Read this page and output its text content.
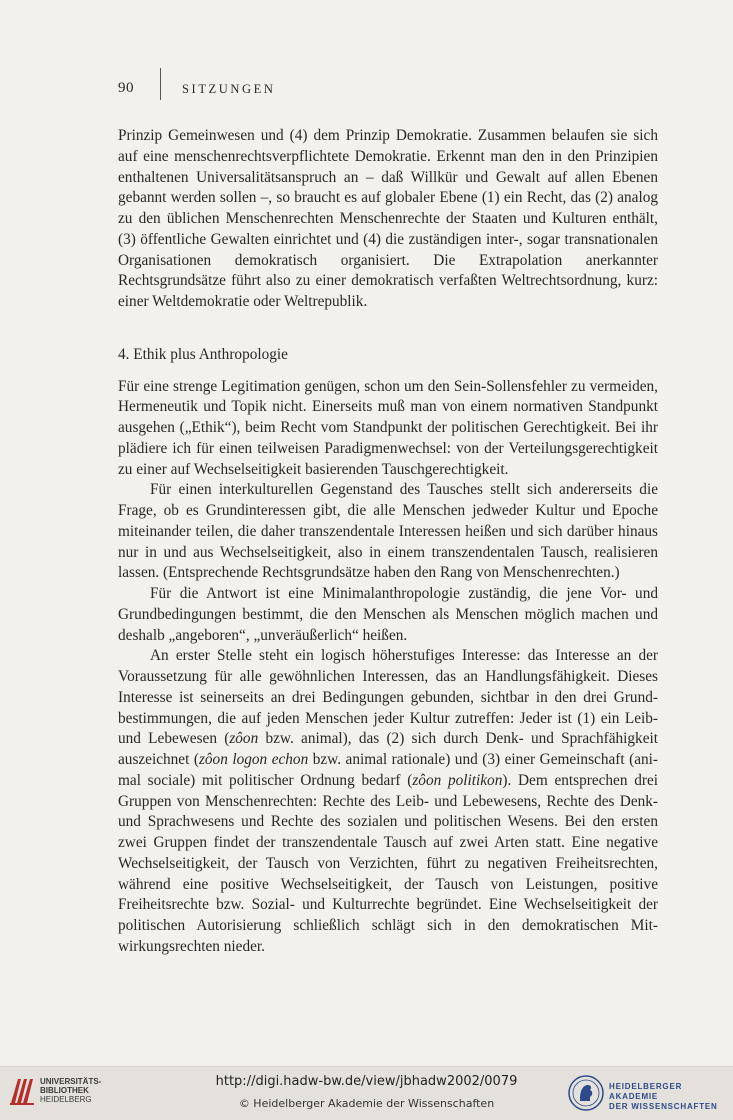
90	SITZUNGEN

Prinzip Gemeinwesen und (4) dem Prinzip Demokratie. Zusammen belaufen sie sich auf eine menschenrechtsverpflichtete Demokratie. Erkennt man den in den Prinzipien enthaltenen Universalitätsanspruch an – daß Willkür und Gewalt auf allen Ebenen gebannt werden sollen –, so braucht es auf globaler Ebene (1) ein Recht, das (2) analog zu den üblichen Menschenrechten Menschenrechte der Staaten und Kulturen enthält, (3) öffentliche Gewalten einrichtet und (4) die zuständigen inter-, sogar transnationalen Organisationen demokratisch organisiert. Die Extrapolation anerkannter Rechtsgrundsätze führt also zu einer demokratisch verfaßten Weltrechtsordnung, kurz: einer Weltdemokratie oder Weltrepublik.

4. Ethik plus Anthropologie

Für eine strenge Legitimation genügen, schon um den Sein-Sollensfehler zu vermeiden, Hermeneutik und Topik nicht. Einerseits muß man von einem normativen Standpunkt ausgehen („Ethik“), beim Recht vom Standpunkt der politischen Gerechtigkeit. Bei ihr plädiere ich für einen teilweisen Paradigmenwechsel: von der Verteilungsgerechtigkeit zu einer auf Wechselseitigkeit basierenden Tauschgerechtigkeit.

Für einen interkulturellen Gegenstand des Tausches stellt sich andererseits die Frage, ob es Grundinteressen gibt, die alle Menschen jedweder Kultur und Epoche miteinander teilen, die daher transzendentale Interessen heißen und sich darüber hinaus nur in und aus Wechselseitigkeit, also in einem transzendentalen Tausch, realisieren lassen. (Entsprechende Rechtsgrundsätze haben den Rang von Menschenrechten.)

Für die Antwort ist eine Minimalanthropologie zuständig, die jene Vor- und Grundbedingungen bestimmt, die den Menschen als Menschen möglich machen und deshalb „angeboren“, „unveräußerlich“ heißen.

An erster Stelle steht ein logisch höherstufiges Interesse: das Interesse an der Voraussetzung für alle gewöhnlichen Interessen, das an Handlungsfähigkeit. Dieses Interesse ist seinerseits an drei Bedingungen gebunden, sichtbar in den drei Grundbestimmungen, die auf jeden Menschen jeder Kultur zutreffen: Jeder ist (1) ein Leib- und Lebewesen (zôon bzw. animal), das (2) sich durch Denk- und Sprachfähigkeit auszeichnet (zôon logon echon bzw. animal rationale) und (3) einer Gemeinschaft (animal sociale) mit politischer Ordnung bedarf (zôon politikon). Dem entsprechen drei Gruppen von Menschenrechten: Rechte des Leib- und Lebewesens, Rechte des Denk- und Sprachwesens und Rechte des sozialen und politischen Wesens. Bei den ersten zwei Gruppen findet der transzendentale Tausch auf zwei Arten statt. Eine negative Wechselseitigkeit, der Tausch von Verzichten, führt zu negativen Freiheitsrechten, während eine positive Wechselseitigkeit, der Tausch von Leistungen, positive Freiheitsrechte bzw. Sozial- und Kulturrechte begründet. Eine Wechselseitigkeit der politischen Autorisierung schließlich schlägt sich in den demokratischen Mitwirkungsrechten nieder.

UNIVERSITÄTS-
BIBLIOTHEK
HEIDELBERG
http://digi.hadw-bw.de/view/jbhadw2002/0079
© Heidelberger Akademie der Wissenschaften
HEIDELBERGER AKADEMIE
DER WISSENSCHAFTEN
